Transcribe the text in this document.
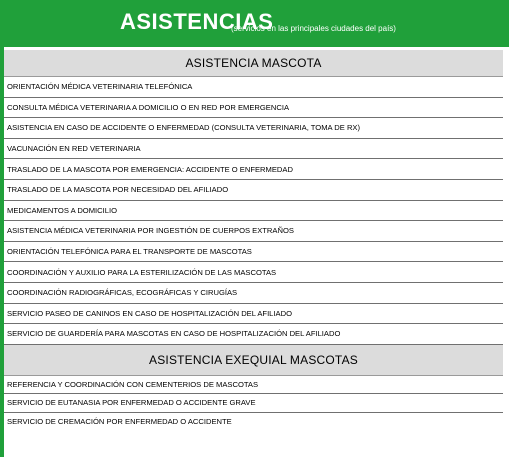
ASISTENCIAS
(servicios en las principales ciudades del país)
ASISTENCIA MASCOTA
ORIENTACIÓN MÉDICA VETERINARIA TELEFÓNICA
CONSULTA MÉDICA VETERINARIA A DOMICILIO O EN RED POR EMERGENCIA
ASISTENCIA EN CASO DE ACCIDENTE O ENFERMEDAD (CONSULTA VETERINARIA, TOMA DE RX)
VACUNACIÓN EN RED VETERINARIA
TRASLADO DE LA MASCOTA POR EMERGENCIA: ACCIDENTE O ENFERMEDAD
TRASLADO DE LA MASCOTA POR NECESIDAD DEL AFILIADO
MEDICAMENTOS A DOMICILIO
ASISTENCIA MÉDICA VETERINARIA POR INGESTIÓN DE CUERPOS EXTRAÑOS
ORIENTACIÓN TELEFÓNICA PARA EL TRANSPORTE DE MASCOTAS
COORDINACIÓN Y AUXILIO PARA LA ESTERILIZACIÓN DE LAS MASCOTAS
COORDINACIÓN RADIOGRÁFICAS, ECOGRÁFICAS Y CIRUGÍAS
SERVICIO PASEO DE CANINOS EN CASO DE HOSPITALIZACIÓN DEL AFILIADO
SERVICIO DE GUARDERÍA PARA MASCOTAS EN CASO DE HOSPITALIZACIÓN DEL AFILIADO
ASISTENCIA EXEQUIAL MASCOTAS
REFERENCIA Y COORDINACIÓN CON CEMENTERIOS DE MASCOTAS
SERVICIO DE EUTANASIA POR ENFERMEDAD O ACCIDENTE GRAVE
SERVICIO DE CREMACIÓN POR ENFERMEDAD O ACCIDENTE
